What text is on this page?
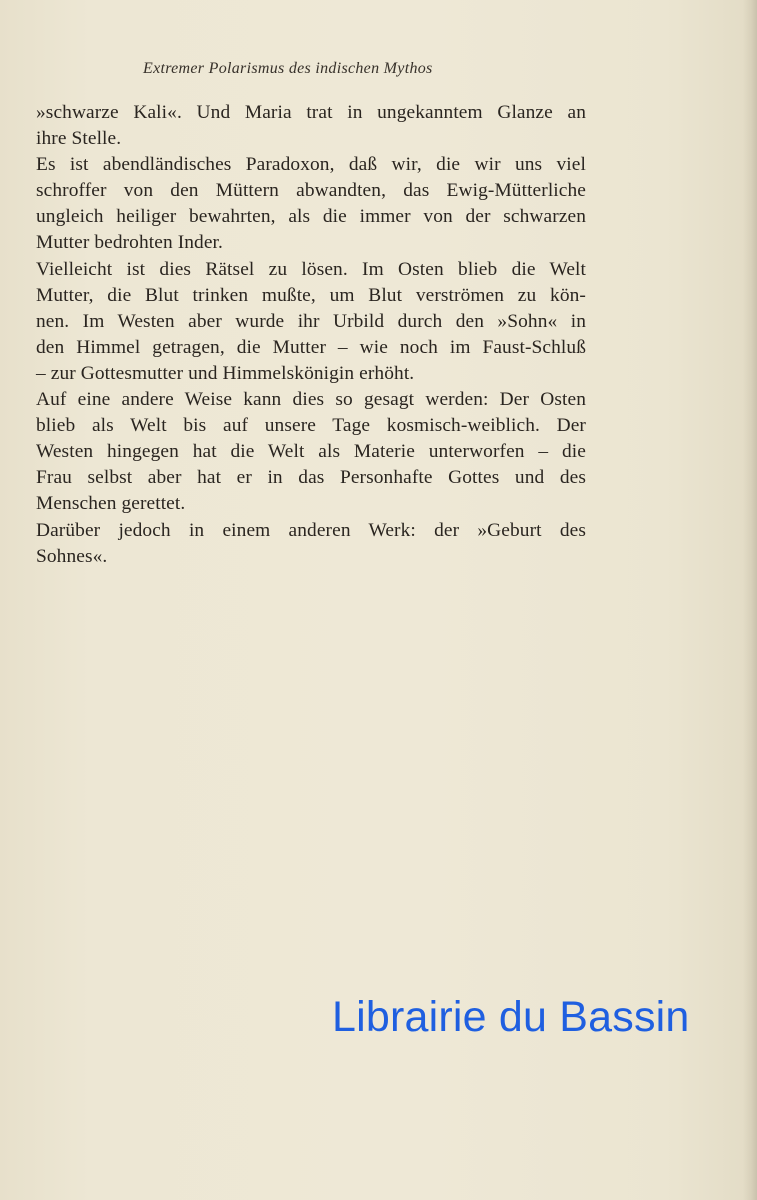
Extremer Polarismus des indischen Mythos
»schwarze Kali«. Und Maria trat in ungekanntem Glanze an
ihre Stelle.
Es ist abendländisches Paradoxon, daß wir, die wir uns viel
schroffer von den Müttern abwandten, das Ewig-Mütterliche
ungleich heiliger bewahrten, als die immer von der schwarzen
Mutter bedrohten Inder.
Vielleicht ist dies Rätsel zu lösen. Im Osten blieb die Welt
Mutter, die Blut trinken mußte, um Blut verströmen zu kön-
nen. Im Westen aber wurde ihr Urbild durch den »Sohn« in
den Himmel getragen, die Mutter – wie noch im Faust-Schluß
– zur Gottesmutter und Himmelskönigin erhöht.
Auf eine andere Weise kann dies so gesagt werden: Der Osten
blieb als Welt bis auf unsere Tage kosmisch-weiblich. Der
Westen hingegen hat die Welt als Materie unterworfen – die
Frau selbst aber hat er in das Personhafte Gottes und des
Menschen gerettet.
Darüber jedoch in einem anderen Werk: der »Geburt des
Sohnes«.
Librairie du Bassin
